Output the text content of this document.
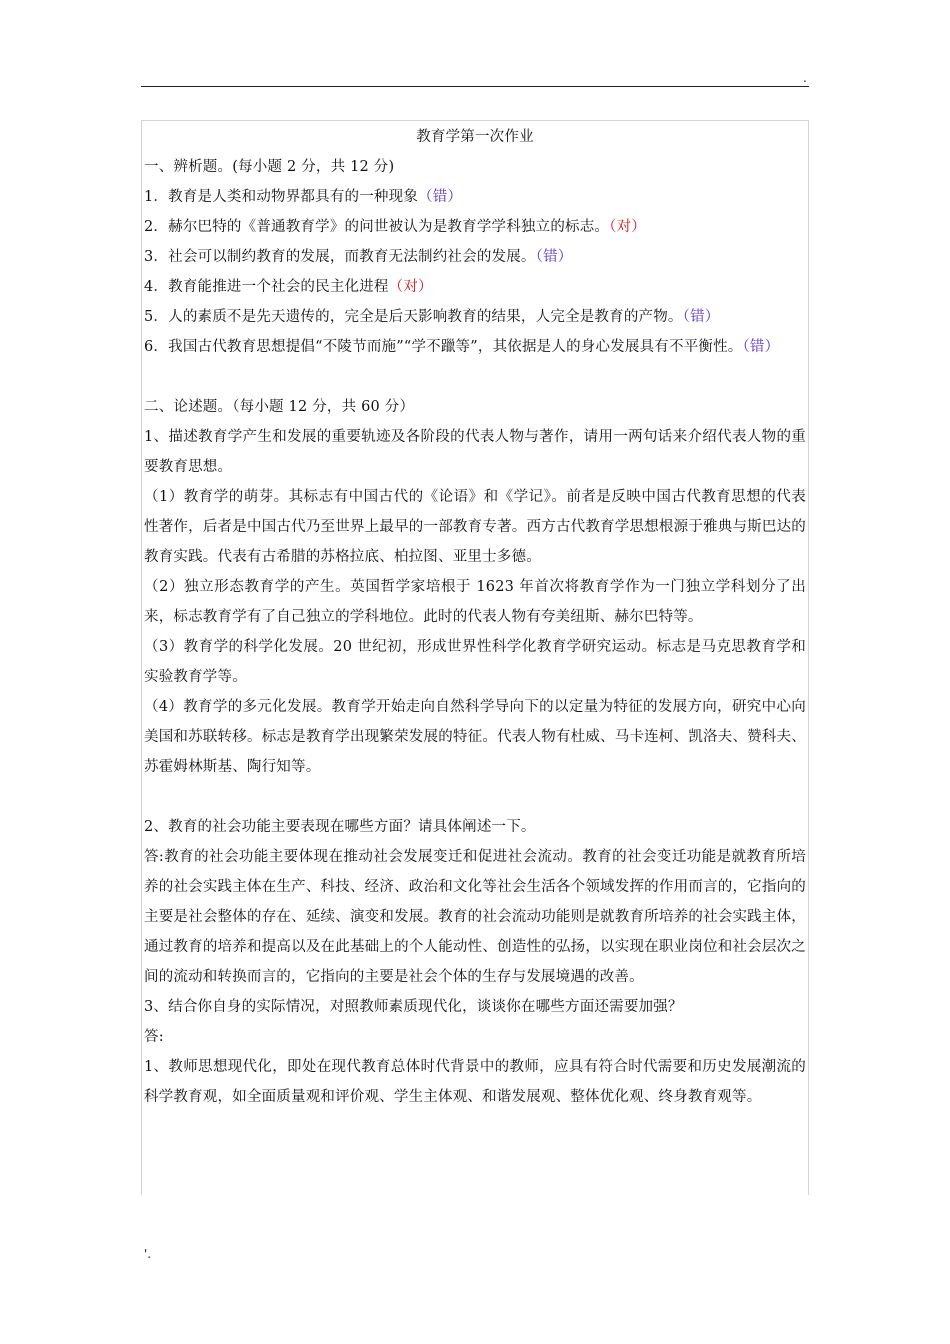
.

教育学第一次作业

一、辨析题。(每小题 2 分，共 12 分)

1．教育是人类和动物界都具有的一种现象（错）

2．赫尔巴特的《普通教育学》的问世被认为是教育学学科独立的标志。（对）

3．社会可以制约教育的发展，而教育无法制约社会的发展。（错）

4．教育能推进一个社会的民主化进程（对）

5．人的素质不是先天遗传的，完全是后天影响教育的结果，人完全是教育的产物。（错）

6．我国古代教育思想提倡“不陵节而施”“学不躐等”，其依据是人的身心发展具有不平衡性。（错）

二、论述题。（每小题 12 分，共 60 分）

1、描述教育学产生和发展的重要轨迹及各阶段的代表人物与著作，请用一两句话来介绍代表人物的重要教育思想。

（1）教育学的萌芽。其标志有中国古代的《论语》和《学记》。前者是反映中国古代教育思想的代表性著作，后者是中国古代乃至世界上最早的一部教育专著。西方古代教育学思想根源于雅典与斯巴达的教育实践。代表有古希腊的苏格拉底、柏拉图、亚里士多德。

（2）独立形态教育学的产生。英国哲学家培根于 1623 年首次将教育学作为一门独立学科划分了出来，标志教育学有了自己独立的学科地位。此时的代表人物有夸美纽斯、赫尔巴特等。

（3）教育学的科学化发展。20 世纪初，形成世界性科学化教育学研究运动。标志是马克思教育学和实验教育学等。

（4）教育学的多元化发展。教育学开始走向自然科学导向下的以定量为特征的发展方向，研究中心向美国和苏联转移。标志是教育学出现繁荣发展的特征。代表人物有杜威、马卡连柯、凯洛夫、赞科夫、苏霍姆林斯基、陶行知等。

2、教育的社会功能主要表现在哪些方面？请具体阐述一下。

答:教育的社会功能主要体现在推动社会发展变迁和促进社会流动。教育的社会变迁功能是就教育所培养的社会实践主体在生产、科技、经济、政治和文化等社会生活各个领域发挥的作用而言的，它指向的主要是社会整体的存在、延续、演变和发展。教育的社会流动功能则是就教育所培养的社会实践主体，通过教育的培养和提高以及在此基础上的个人能动性、创造性的弘扬，以实现在职业岗位和社会层次之间的流动和转换而言的，它指向的主要是社会个体的生存与发展境遇的改善。

3、结合你自身的实际情况，对照教师素质现代化，谈谈你在哪些方面还需要加强？

答:

1、教师思想现代化，即处在现代教育总体时代背景中的教师，应具有符合时代需要和历史发展潮流的科学教育观，如全面质量观和评价观、学生主体观、和谐发展观、整体优化观、终身教育观等。

'.
